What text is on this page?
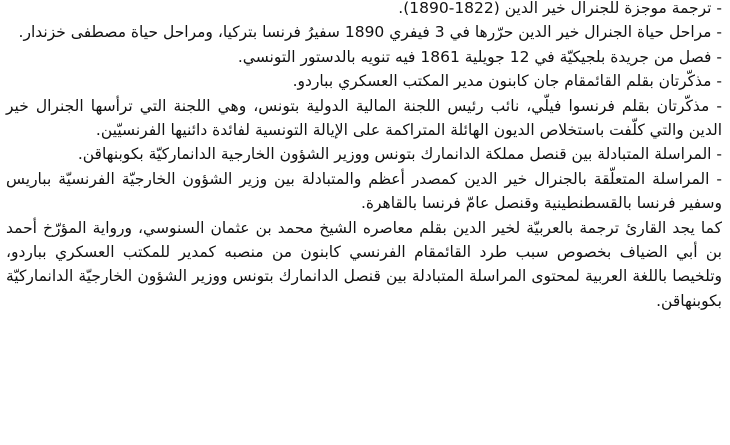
- ترجمة موجزة للجنرال خير الدين (1822-1890).

- مراحل حياة الجنرال خير الدين حرّرها في 3 فيفري 1890 سفيرُ فرنسا بتركيا، ومراحل حياة مصطفى خزندار.

- فصل من جريدة بلجيكيّة في 12 جويلية 1861 فيه تنويه بالدستور التونسي.

- مذكّرتان بقلم القائمقام جان كابنون مدير المكتب العسكري بباردو.

- مذكّرتان بقلم فرنسوا فيلّي، نائب رئيس اللجنة المالية الدولية بتونس، وهي اللجنة التي ترأسها الجنرال خير الدين والتي كلّفت باستخلاص الديون الهائلة المتراكمة على الإيالة التونسية لفائدة دائنيها الفرنسيّين.

- المراسلة المتبادلة بين قنصل مملكة الدانمارك بتونس ووزير الشؤون الخارجية الدانماركيّة بكوبنهاقن.

- المراسلة المتعلّقة بالجنرال خير الدين كمصدر أعظم والمتبادلة بين وزير الشؤون الخارجيّة الفرنسيّة بباريس وسفير فرنسا بالقسطنطينية وقنصل عامّ فرنسا بالقاهرة.

كما يجد القارئ ترجمة بالعربيّة لخير الدين بقلم معاصره الشيخ محمد بن عثمان السنوسي، ورواية المؤرّخ أحمد بن أبي الضياف بخصوص سبب طرد القائمقام الفرنسي كابنون من منصبه كمدير للمكتب العسكري بباردو، وتلخيصا باللغة العربية لمحتوى المراسلة المتبادلة بين قنصل الدانمارك بتونس ووزير الشؤون الخارجيّة الدانماركيّة بكوبنهاقن.
